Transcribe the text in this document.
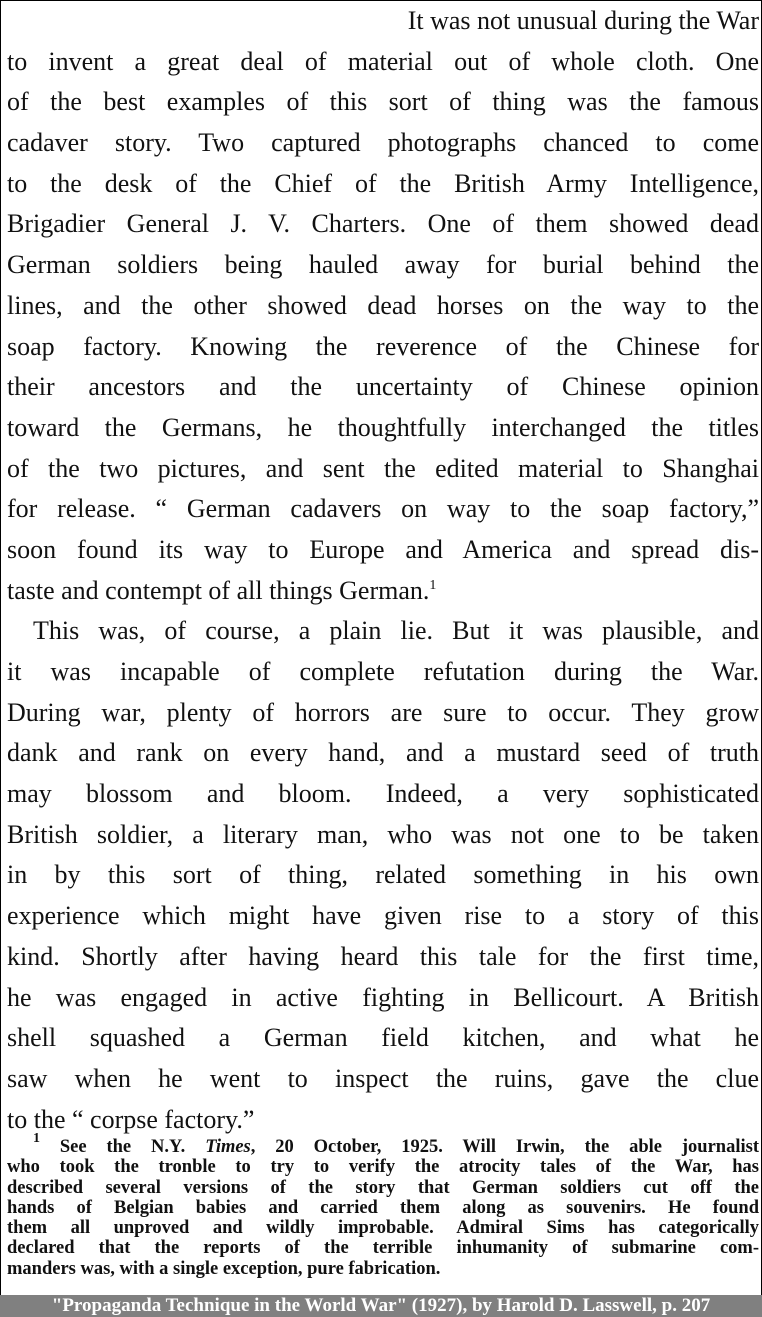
It was not unusual during the War
to invent a great deal of material out of whole cloth. One
of the best examples of this sort of thing was the famous
cadaver story. Two captured photographs chanced to come
to the desk of the Chief of the British Army Intelligence,
Brigadier General J. V. Charters. One of them showed dead
German soldiers being hauled away for burial behind the
lines, and the other showed dead horses on the way to the
soap factory. Knowing the reverence of the Chinese for
their ancestors and the uncertainty of Chinese opinion
toward the Germans, he thoughtfully interchanged the titles
of the two pictures, and sent the edited material to Shanghai
for release. “ German cadavers on way to the soap factory,”
soon found its way to Europe and America and spread dis-
taste and contempt of all things German.$^1$
This was, of course, a plain lie. But it was plausible, and
it was incapable of complete refutation during the War.
During war, plenty of horrors are sure to occur. They grow
dank and rank on every hand, and a mustard seed of truth
may blossom and bloom. Indeed, a very sophisticated
British soldier, a literary man, who was not one to be taken
in by this sort of thing, related something in his own
experience which might have given rise to a story of this
kind. Shortly after having heard this tale for the first time,
he was engaged in active fighting in Bellicourt. A British
shell squashed a German field kitchen, and what he
saw when he went to inspect the ruins, gave the clue
to the “ corpse factory.”
$^1$ See the N.Y. Times, 20 October, 1925. Will Irwin, the able journalist
who took the tronble to try to verify the atrocity tales of the War, has
described several versions of the story that German soldiers cut off the
hands of Belgian babies and carried them along as souvenirs. He found
them all unproved and wildly improbable. Admiral Sims has categorically
declared that the reports of the terrible inhumanity of submarine com-
manders was, with a single exception, pure fabrication.
"Propaganda Technique in the World War" (1927), by Harold D. Lasswell, p. 207
